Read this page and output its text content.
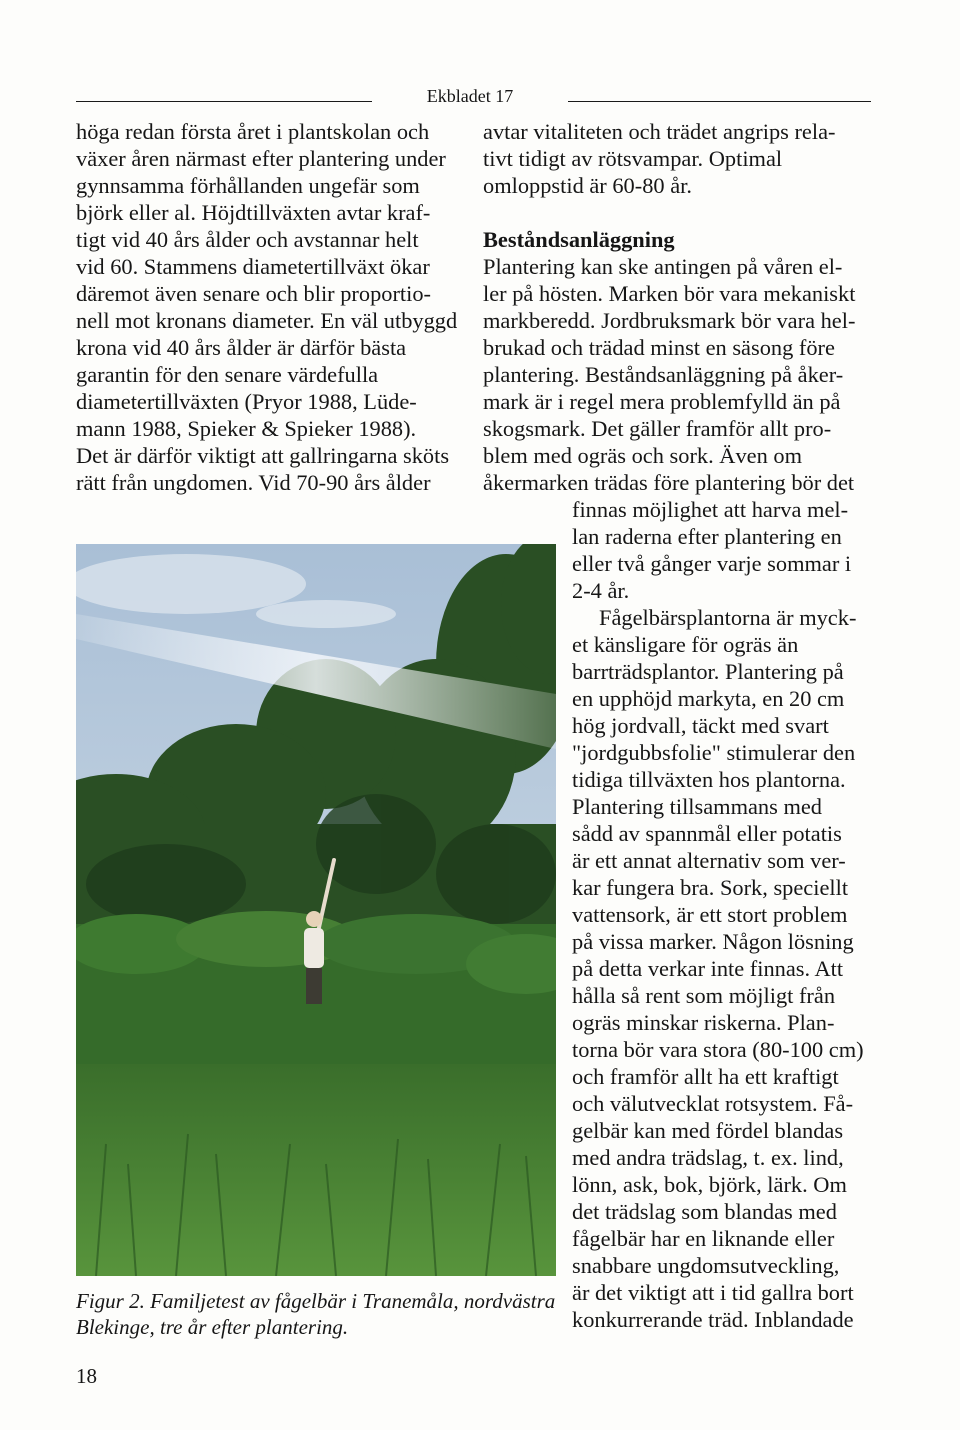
Ekbladet 17
höga redan första året i plantskolan och
växer åren närmast efter plantering under
gynnsamma förhållanden ungefär som
björk eller al. Höjdtillväxten avtar kraf-
tigt vid 40 års ålder och avstannar helt
vid 60. Stammens diametertillväxt ökar
däremot även senare och blir proportio-
nell mot kronans diameter. En väl utbyggd
krona vid 40 års ålder är därför bästa
garantin för den senare värdefulla
diametertillväxten (Pryor 1988, Lüde-
mann 1988, Spieker & Spieker 1988).
Det är därför viktigt att gallringarna sköts
rätt från ungdomen. Vid 70-90 års ålder
avtar vitaliteten och trädet angrips rela-
tivt tidigt av rötsvampar. Optimal
omloppstid är 60-80 år.
Beståndsanläggning
Plantering kan ske antingen på våren el-
ler på hösten. Marken bör vara mekaniskt
markberedd. Jordbruksmark bör vara hel-
brukad och trädad minst en säsong före
plantering. Beståndsanläggning på åker-
mark är i regel mera problemfylld än på
skogsmark. Det gäller framför allt pro-
blem med ogräs och sork. Även om
åkermarken trädas före plantering bör det
finnas möjlighet att harva mel-
lan raderna efter plantering en
eller två gånger varje sommar i
2-4 år.
Fågelbärsplantorna är myck-
et känsligare för ogräs än
barrträdsplantor. Plantering på
en upphöjd markyta, en 20 cm
hög jordvall, täckt med svart
"jordgubbsfolie" stimulerar den
tidiga tillväxten hos plantorna.
Plantering tillsammans med
sådd av spannmål eller potatis
är ett annat alternativ som ver-
kar fungera bra. Sork, speciellt
vattensork, är ett stort problem
på vissa marker. Någon lösning
på detta verkar inte finnas. Att
hålla så rent som möjligt från
ogräs minskar riskerna. Plan-
torna bör vara stora (80-100 cm)
och framför allt ha ett kraftigt
och välutvecklat rotsystem. Få-
gelbär kan med fördel blandas
med andra trädslag, t. ex. lind,
lönn, ask, bok, björk, lärk. Om
det trädslag som blandas med
fågelbär har en liknande eller
snabbare ungdomsutveckling,
är det viktigt att i tid gallra bort
konkurrerande träd. Inblandade
Figur 2. Familjetest av fågelbär i Tranemåla, nordvästra
Blekinge, tre år efter plantering.
18
